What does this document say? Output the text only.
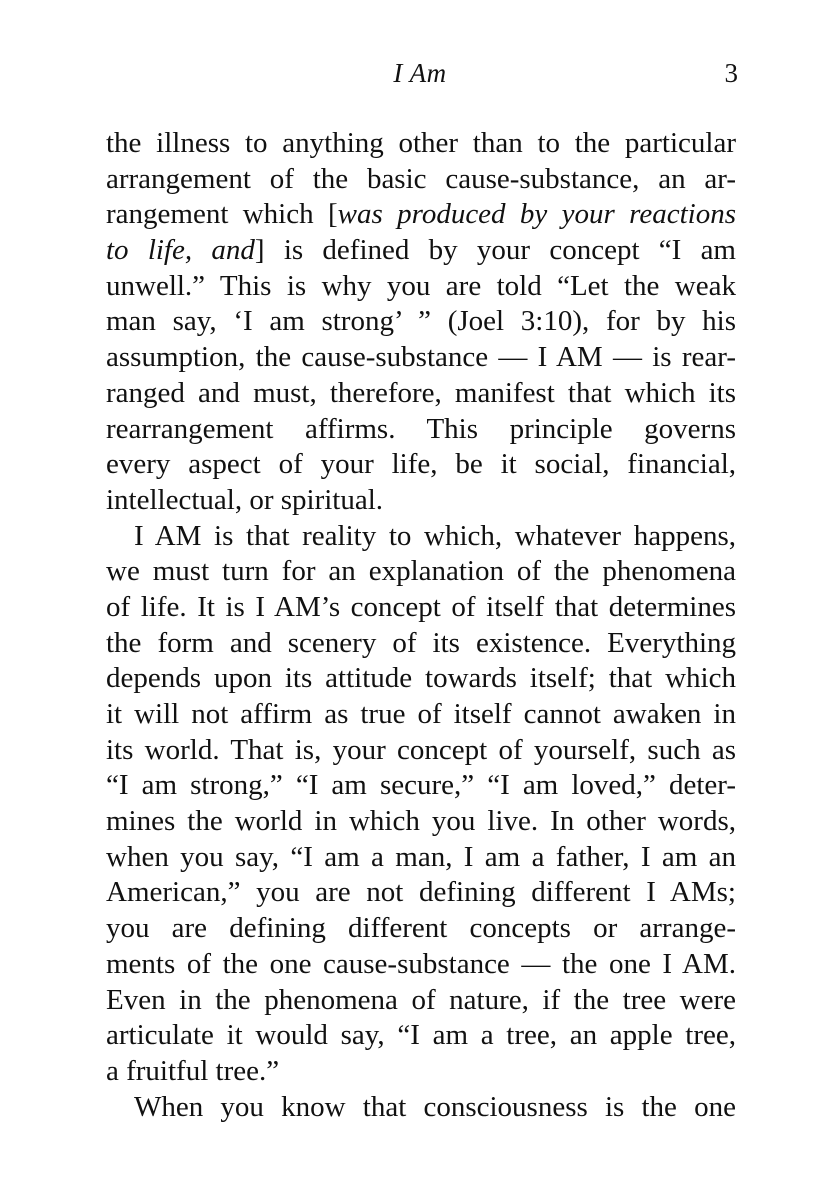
I Am	3
the illness to anything other than to the particular
arrangement of the basic cause-substance, an ar-
rangement which [was produced by your reactions
to life, and] is defined by your concept “I am
unwell.” This is why you are told “Let the weak
man say, ‘I am strong’ ” (Joel 3:10), for by his
assumption, the cause-substance — I AM — is rear-
ranged and must, therefore, manifest that which its
rearrangement affirms. This principle governs
every aspect of your life, be it social, financial,
intellectual, or spiritual.
I AM is that reality to which, whatever happens,
we must turn for an explanation of the phenomena
of life. It is I AM’s concept of itself that determines
the form and scenery of its existence. Everything
depends upon its attitude towards itself; that which
it will not affirm as true of itself cannot awaken in
its world. That is, your concept of yourself, such as
“I am strong,” “I am secure,” “I am loved,” deter-
mines the world in which you live. In other words,
when you say, “I am a man, I am a father, I am an
American,” you are not defining different I AMs;
you are defining different concepts or arrange-
ments of the one cause-substance — the one I AM.
Even in the phenomena of nature, if the tree were
articulate it would say, “I am a tree, an apple tree,
a fruitful tree.”
When you know that consciousness is the one
